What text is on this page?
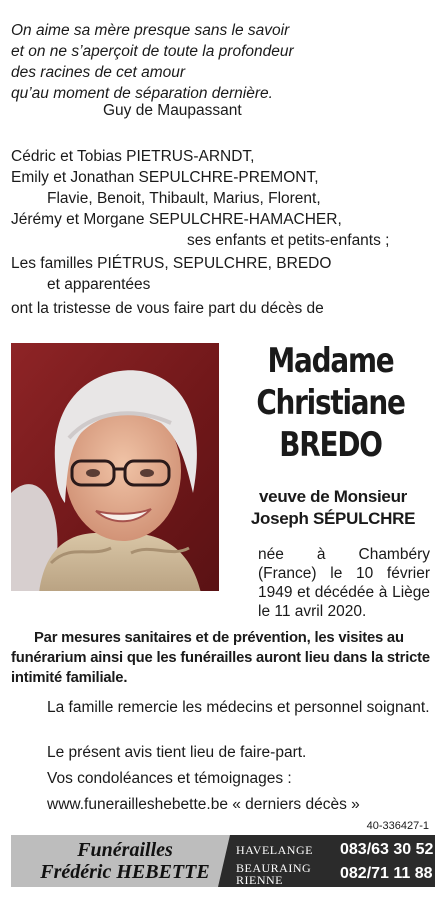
On aime sa mère presque sans le savoir
et on ne s’aperçoit de toute la profondeur
des racines de cet amour
qu’au moment de séparation dernière.
Guy de Maupassant
Cédric et Tobias PIETRUS-ARNDT,
Emily et Jonathan SEPULCHRE-PREMONT,
Flavie, Benoit, Thibault, Marius, Florent,
Jérémy et Morgane SEPULCHRE-HAMACHER,
ses enfants et petits-enfants ;
Les familles PIÉTRUS, SEPULCHRE, BREDO
et apparentées
ont la tristesse de vous faire part du décès de
Madame
Christiane
BREDO
veuve de Monsieur
Joseph SÉPULCHRE
née à Chambéry (France) le 10 février 1949 et décédée à Liège le 11 avril 2020.
Par mesures sanitaires et de prévention, les visites au funérarium ainsi que les funérailles auront lieu dans la stricte intimité familiale.
La famille remercie les médecins et personnel soignant.
Le présent avis tient lieu de faire-part.
Vos condoléances et témoignages :
www.funerailleshebette.be « derniers décès »
40-336427-1
Funérailles
Frédéric HEBETTE
HAVELANGE 083/63 30 52
BEAURAING
RIENNE	082/71 11 88
